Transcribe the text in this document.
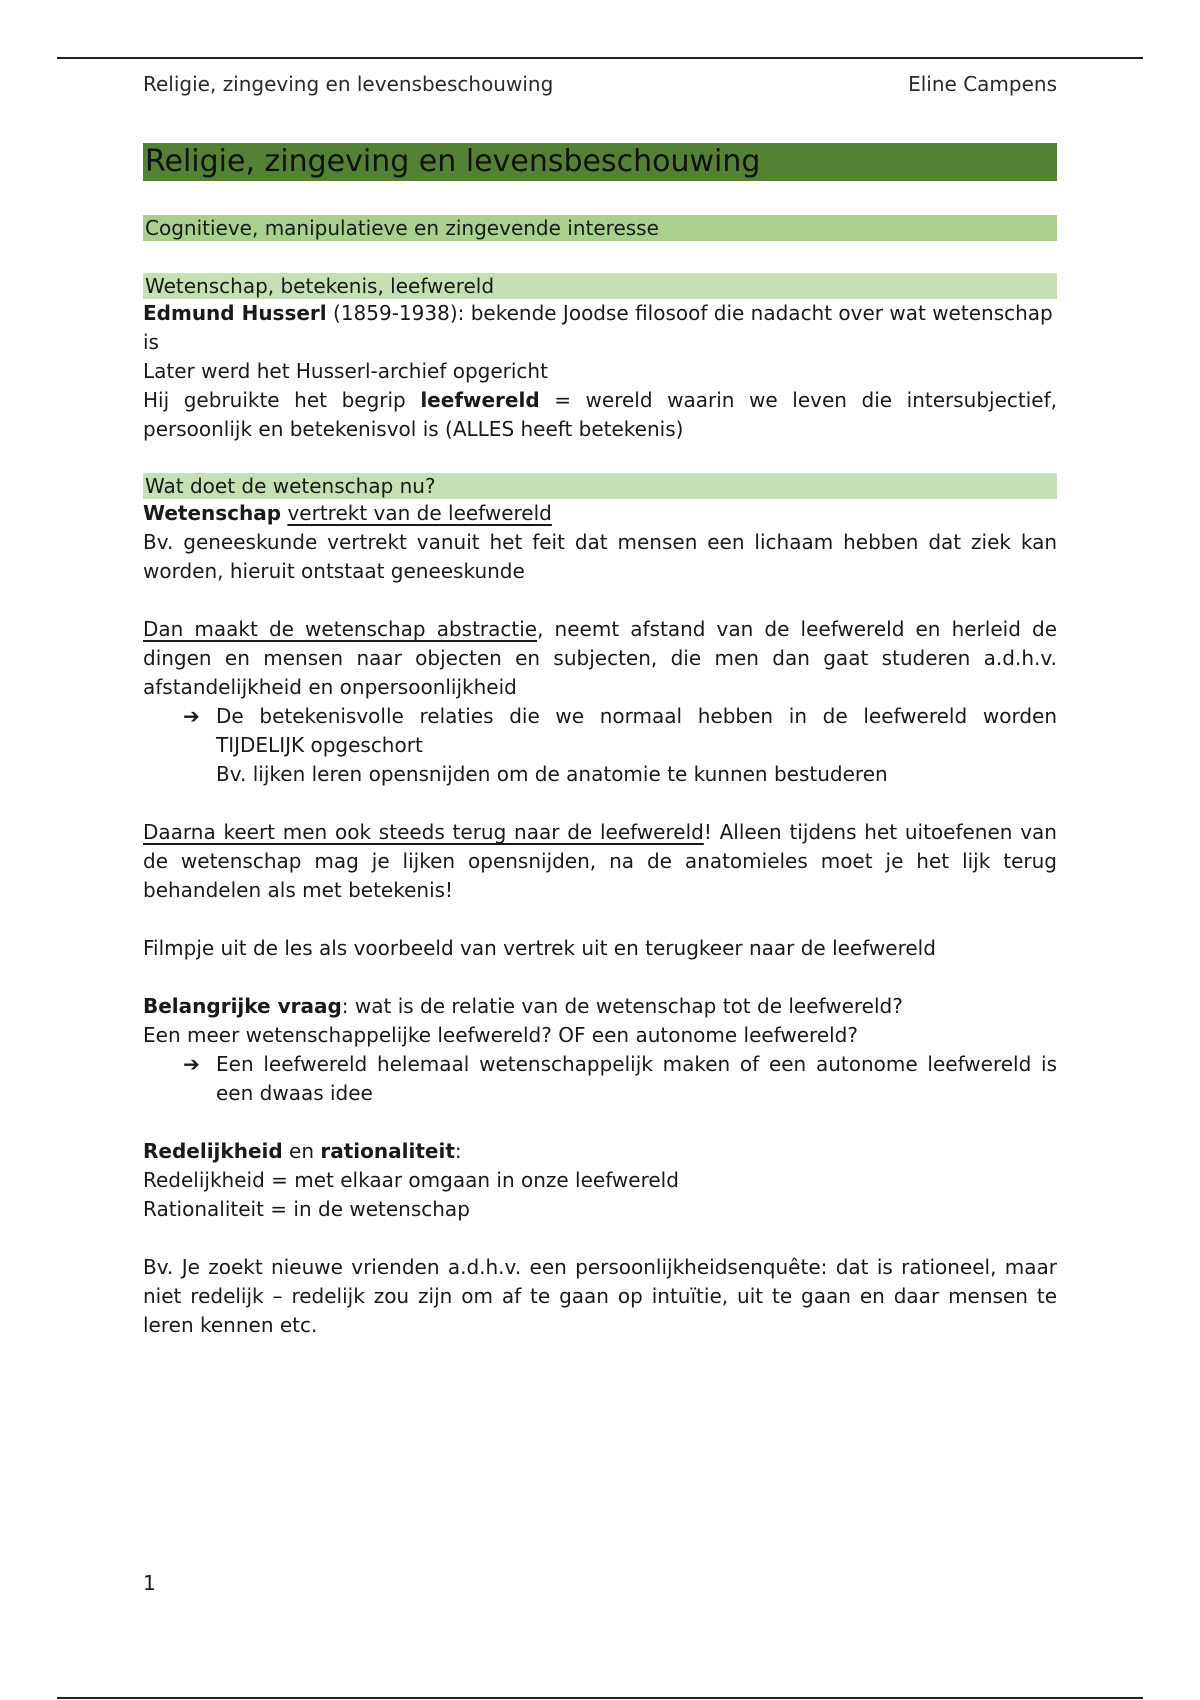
Religie, zingeving en levensbeschouwing	Eline Campens
Religie, zingeving en levensbeschouwing
Cognitieve, manipulatieve en zingevende interesse
Wetenschap, betekenis, leefwereld

Edmund Husserl (1859-1938): bekende Joodse filosoof die nadacht over wat wetenschap is

Later werd het Husserl-archief opgericht

Hij gebruikte het begrip leefwereld = wereld waarin we leven die intersubjectief, persoonlijk en betekenisvol is (ALLES heeft betekenis)

Wat doet de wetenschap nu?

Wetenschap vertrekt van de leefwereld

Bv. geneeskunde vertrekt vanuit het feit dat mensen een lichaam hebben dat ziek kan worden, hieruit ontstaat geneeskunde

Dan maakt de wetenschap abstractie, neemt afstand van de leefwereld en herleid de dingen en mensen naar objecten en subjecten, die men dan gaat studeren a.d.h.v. afstandelijkheid en onpersoonlijkheid

➔ De betekenisvolle relaties die we normaal hebben in de leefwereld worden TIJDELIJK opgeschort

Bv. lijken leren opensnijden om de anatomie te kunnen bestuderen

Daarna keert men ook steeds terug naar de leefwereld! Alleen tijdens het uitoefenen van de wetenschap mag je lijken opensnijden, na de anatomieles moet je het lijk terug behandelen als met betekenis!

Filmpje uit de les als voorbeeld van vertrek uit en terugkeer naar de leefwereld

Belangrijke vraag: wat is de relatie van de wetenschap tot de leefwereld?

Een meer wetenschappelijke leefwereld? OF een autonome leefwereld?

➔ Een leefwereld helemaal wetenschappelijk maken of een autonome leefwereld is een dwaas idee

Redelijkheid en rationaliteit:

Redelijkheid = met elkaar omgaan in onze leefwereld

Rationaliteit = in de wetenschap

Bv. Je zoekt nieuwe vrienden a.d.h.v. een persoonlijkheidsenquête: dat is rationeel, maar niet redelijk – redelijk zou zijn om af te gaan op intuïtie, uit te gaan en daar mensen te leren kennen etc.

1
